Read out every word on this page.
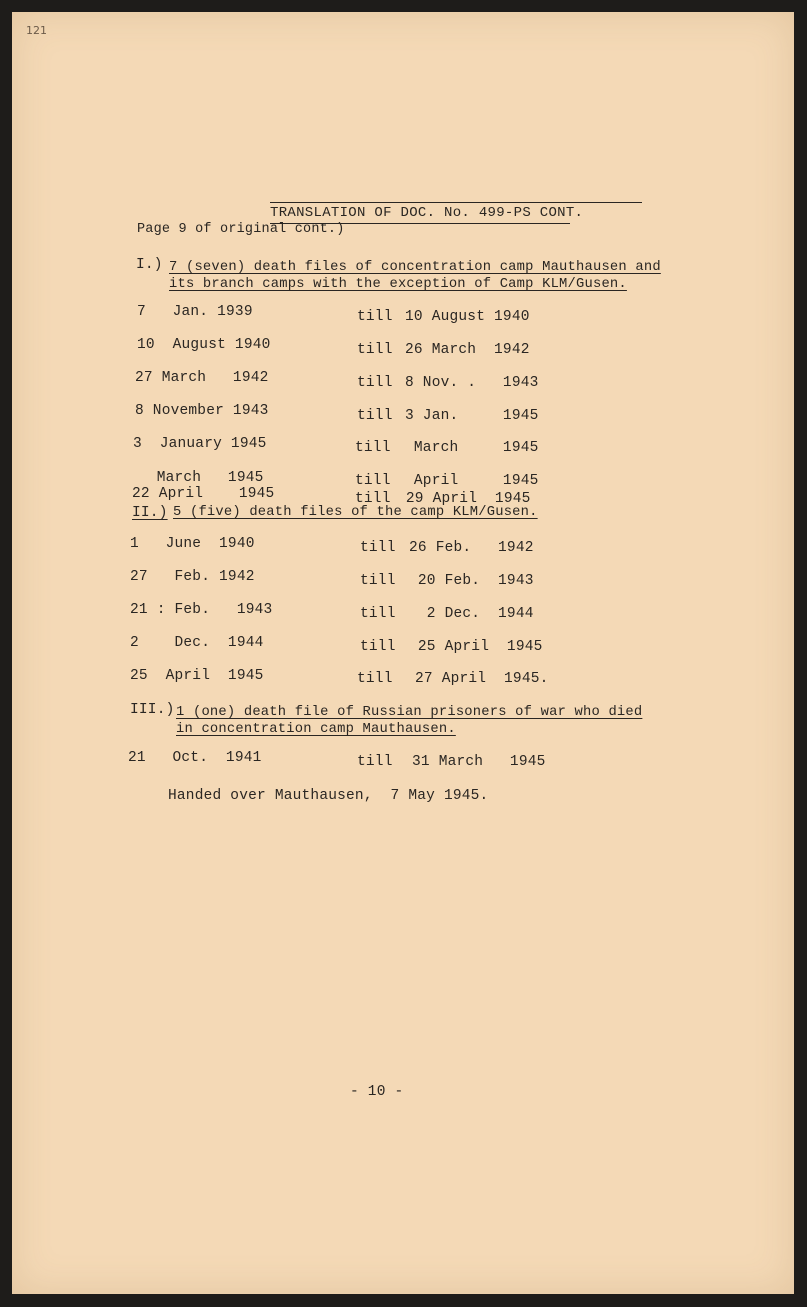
121
TRANSLATION OF DOC. No. 499-PS CONT.
Page 9 of original cont.)
I.) 7 (seven) death files of concentration camp Mauthausen and
its branch camps with the exception of Camp KLM/Gusen.
7   Jan. 1939	till 10 August 1940
10  August 1940	till 26 March  1942
27 March   1942	till 8 Nov. .   1943
8 November 1943	till 3 Jan.     1945
3  January 1945	till March     1945
March   1945	till April     1945
22 April    1945	till 29 April  1945
II.) 5 (five) death files of the camp KLM/Gusen.
1   June  1940	till 26 Feb.   1942
27   Feb. 1942	till 20 Feb.  1943
21 : Feb.   1943	till 2 Dec.  1944
2    Dec.  1944	till 25 April  1945
25  April  1945	till 27 April  1945.
III.) 1 (one) death file of Russian prisoners of war who died
in concentration camp Mauthausen.
21   Oct.  1941	till 31 March   1945
Handed over Mauthausen,  7 May 1945.
- 10 -
